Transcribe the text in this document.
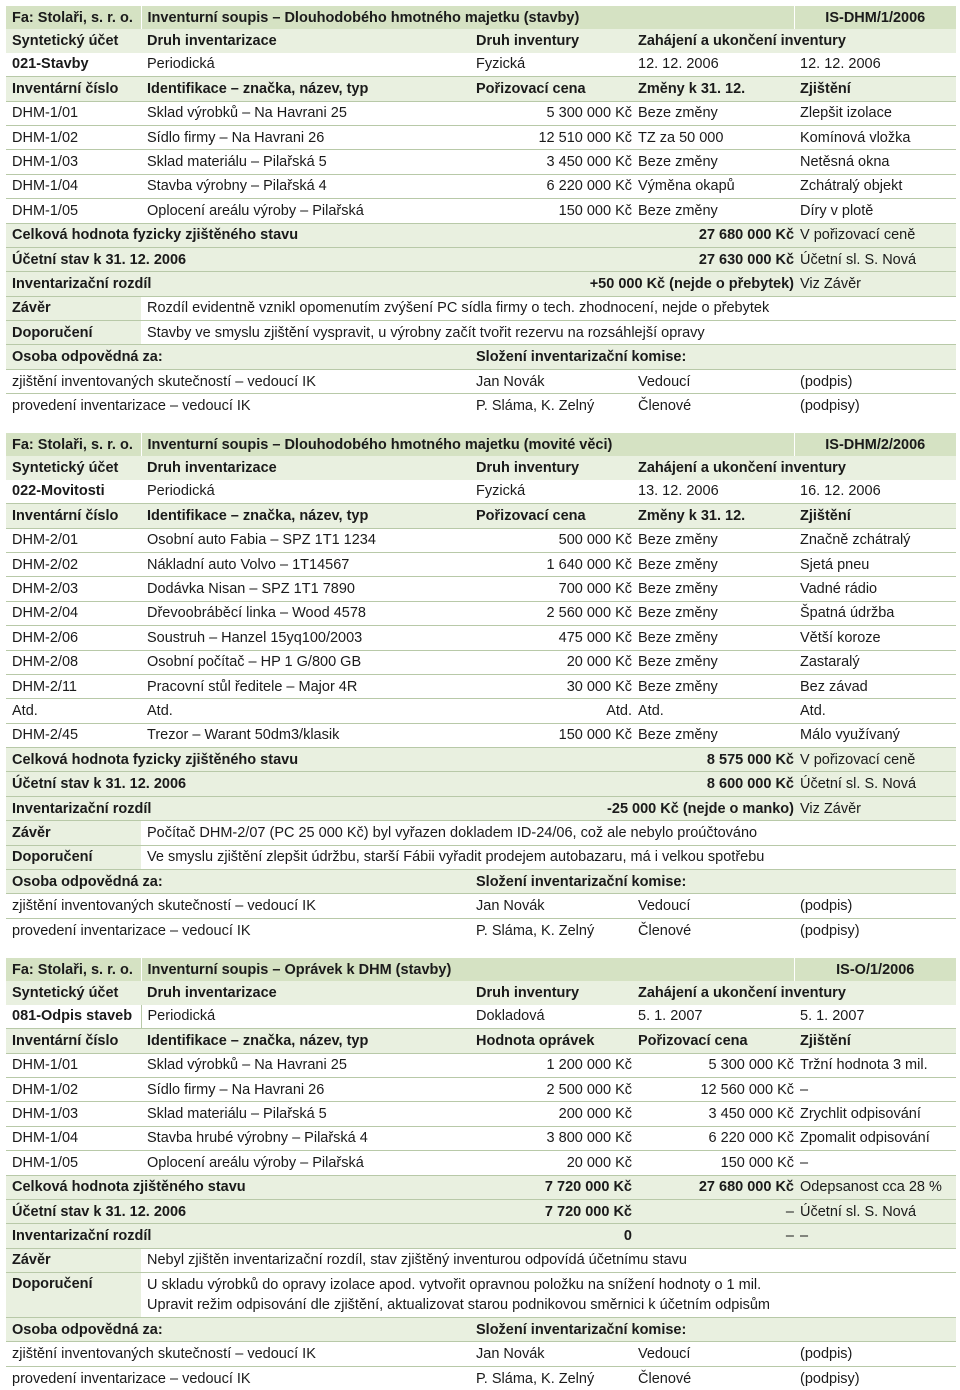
Fa: Stolaři, s. r. o.	Inventurní soupis – Dlouhodobého hmotného majetku (stavby)			IS-DHM/1/2006
Syntetický účet	Druh inventarizace	Druh inventury	Zahájení a ukončení inventury	
021-Stavby	Periodická	Fyzická	12. 12. 2006	12. 12. 2006
Inventární číslo	Identifikace – značka, název, typ	Pořizovací cena	Změny k 31. 12.	Zjištění
DHM-1/01	Sklad výrobků – Na Havrani 25	5 300 000 Kč	Beze změny	Zlepšit izolace
DHM-1/02	Sídlo firmy – Na Havrani 26	12 510 000 Kč	TZ za 50 000	Komínová vložka
DHM-1/03	Sklad materiálu – Pilařská 5	3 450 000 Kč	Beze změny	Netěsná okna
DHM-1/04	Stavba výrobny – Pilařská 4	6 220 000 Kč	Výměna okapů	Zchátralý objekt
DHM-1/05	Oplocení areálu výroby – Pilařská	150 000 Kč	Beze změny	Díry v plotě
Celková hodnota fyzicky zjištěného stavu			27 680 000 Kč	V pořizovací ceně
Účetní stav k 31. 12. 2006			27 630 000 Kč	Účetní sl. S. Nová
Inventarizační rozdíl		+50 000 Kč (nejde o přebytek)		Viz Závěr
Závěr	Rozdíl evidentně vznikl opomenutím zvýšení PC sídla firmy o tech. zhodnocení, nejde o přebytek			
Doporučení	Stavby ve smyslu zjištění vyspravit, u výrobny začít tvořit rezervu na rozsáhlejší opravy			
Osoba odpovědná za:		Složení inventarizační komise:		
zjištění inventovaných skutečností – vedoucí IK		Jan Novák	Vedoucí	(podpis)
provedení inventarizace – vedoucí IK		P. Sláma, K. Zelný	Členové	(podpisy)
Fa: Stolaři, s. r. o.	Inventurní soupis – Dlouhodobého hmotného majetku (movité věci)			IS-DHM/2/2006
Syntetický účet	Druh inventarizace	Druh inventury	Zahájení a ukončení inventury	
022-Movitosti	Periodická	Fyzická	13. 12. 2006	16. 12. 2006
Inventární číslo	Identifikace – značka, název, typ	Pořizovací cena	Změny k 31. 12.	Zjištění
DHM-2/01	Osobní auto Fabia – SPZ 1T1 1234	500 000 Kč	Beze změny	Značně zchátralý
DHM-2/02	Nákladní auto Volvo – 1T14567	1 640 000 Kč	Beze změny	Sjetá pneu
DHM-2/03	Dodávka Nisan – SPZ 1T1 7890	700 000 Kč	Beze změny	Vadné rádio
DHM-2/04	Dřevoobráběcí linka – Wood 4578	2 560 000 Kč	Beze změny	Špatná údržba
DHM-2/06	Soustruh – Hanzel 15yq100/2003	475 000 Kč	Beze změny	Větší koroze
DHM-2/08	Osobní počítač – HP 1 G/800 GB	20 000 Kč	Beze změny	Zastaralý
DHM-2/11	Pracovní stůl ředitele – Major 4R	30 000 Kč	Beze změny	Bez závad
Atd.	Atd.	Atd.	Atd.	Atd.
DHM-2/45	Trezor – Warant 50dm3/klasik	150 000 Kč	Beze změny	Málo využívaný
Celková hodnota fyzicky zjištěného stavu			8 575 000 Kč	V pořizovací ceně
Účetní stav k 31. 12. 2006			8 600 000 Kč	Účetní sl. S. Nová
Inventarizační rozdíl		-25 000 Kč (nejde o manko)		Viz Závěr
Závěr	Počítač DHM-2/07 (PC 25 000 Kč) byl vyřazen dokladem ID-24/06, což ale nebylo proúčtováno			
Doporučení	Ve smyslu zjištění zlepšit údržbu, starší Fábii vyřadit prodejem autobazaru, má i velkou spotřebu			
Osoba odpovědná za:		Složení inventarizační komise:		
zjištění inventovaných skutečností – vedoucí IK		Jan Novák	Vedoucí	(podpis)
provedení inventarizace – vedoucí IK		P. Sláma, K. Zelný	Členové	(podpisy)
Fa: Stolaři, s. r. o.	Inventurní soupis – Oprávek k DHM (stavby)			IS-O/1/2006
Syntetický účet	Druh inventarizace	Druh inventury	Zahájení a ukončení inventury	
081-Odpis staveb	Periodická	Dokladová	5. 1. 2007	5. 1. 2007
Inventární číslo	Identifikace – značka, název, typ	Hodnota oprávek	Pořizovací cena	Zjištění
DHM-1/01	Sklad výrobků – Na Havrani 25	1 200 000 Kč	5 300 000 Kč	Tržní hodnota 3 mil.
DHM-1/02	Sídlo firmy – Na Havrani 26	2 500 000 Kč	12 560 000 Kč	–
DHM-1/03	Sklad materiálu – Pilařská 5	200 000 Kč	3 450 000 Kč	Zrychlit odpisování
DHM-1/04	Stavba hrubé výrobny – Pilařská 4	3 800 000 Kč	6 220 000 Kč	Zpomalit odpisování
DHM-1/05	Oplocení areálu výroby – Pilařská	20 000 Kč	150 000 Kč	–
Celková hodnota zjištěného stavu		7 720 000 Kč	27 680 000 Kč	Odepsanost cca 28 %
Účetní stav k 31. 12. 2006		7 720 000 Kč	–	Účetní sl. S. Nová
Inventarizační rozdíl		0	–	–
Závěr	Nebyl zjištěn inventarizační rozdíl, stav zjištěný inventurou odpovídá účetnímu stavu			
Doporučení	U skladu výrobků do opravy izolace apod. vytvořit opravnou položku na snížení hodnoty o 1 mil.			
	Upravit režim odpisování dle zjištění, aktualizovat starou podnikovou směrnici k účetním odpisům			
Osoba odpovědná za:		Složení inventarizační komise:		
zjištění inventovaných skutečností – vedoucí IK		Jan Novák	Vedoucí	(podpis)
provedení inventarizace – vedoucí IK		P. Sláma, K. Zelný	Členové	(podpisy)
